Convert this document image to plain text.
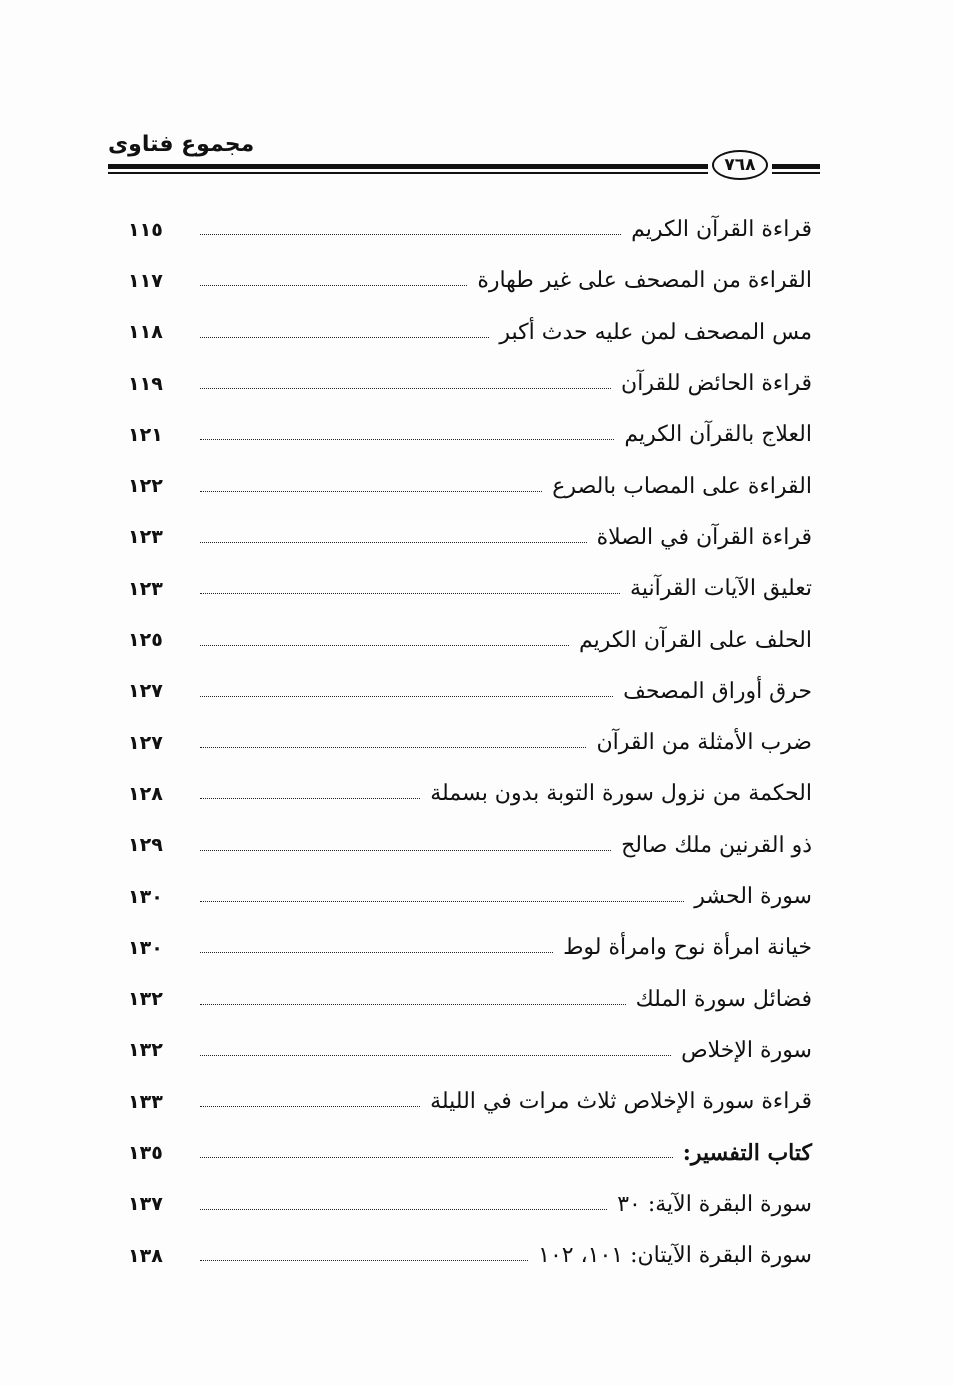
مجموع فتاوى
٧٦٨
قراءة القرآن الكريم
١١٥
القراءة من المصحف على غير طهارة
١١٧
مس المصحف لمن عليه حدث أكبر
١١٨
قراءة الحائض للقرآن
١١٩
العلاج بالقرآن الكريم
١٢١
القراءة على المصاب بالصرع
١٢٢
قراءة القرآن في الصلاة
١٢٣
تعليق الآيات القرآنية
١٢٣
الحلف على القرآن الكريم
١٢٥
حرق أوراق المصحف
١٢٧
ضرب الأمثلة من القرآن
١٢٧
الحكمة من نزول سورة التوبة بدون بسملة
١٢٨
ذو القرنين ملك صالح
١٢٩
سورة الحشر
١٣٠
خيانة امرأة نوح وامرأة لوط
١٣٠
فضائل سورة الملك
١٣٢
سورة الإخلاص
١٣٢
قراءة سورة الإخلاص ثلاث مرات في الليلة
١٣٣
كتاب التفسير:
١٣٥
سورة البقرة الآية: ٣٠
١٣٧
سورة البقرة الآيتان: ١٠١، ١٠٢
١٣٨
